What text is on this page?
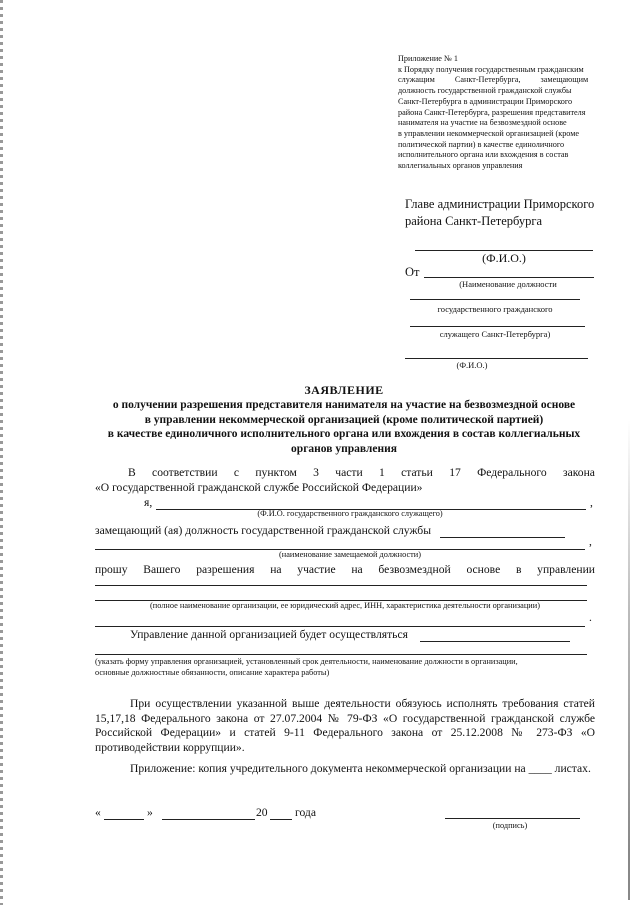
Приложение № 1
к Порядку получения государственным гражданским
служащим Санкт-Петербурга, замещающим
должность государственной гражданской службы
Санкт-Петербурга в администрации Приморского
района Санкт-Петербурга, разрешения представителя
нанимателя на участие на безвозмездной основе
в управлении некоммерческой организацией (кроме
политической партии) в качестве единоличного
исполнительного органа или вхождения в состав
коллегиальных органов управления
Главе администрации Приморского
района Санкт-Петербурга
(Ф.И.О.)
От
(Наименование должности
государственного гражданского
служащего Санкт-Петербурга)
(Ф.И.О.)
ЗАЯВЛЕНИЕ
о получении разрешения представителя нанимателя на участие на безвозмездной основе
в управлении некоммерческой организацией (кроме политической партией)
в качестве единоличного исполнительного органа или вхождения в состав коллегиальных
органов управления
В соответствии с пунктом 3 части 1 статьи 17 Федерального закона
«О государственной гражданской службе Российской Федерации»
я,	,
(Ф.И.О. государственного гражданского служащего)
замещающий (ая) должность государственной гражданской службы
,
(наименование замещаемой должности)
прошу Вашего разрешения на участие на безвозмездной основе в управлении
(полное наименование организации, ее юридический адрес, ИНН, характеристика деятельности организации)
.
Управление данной организацией будет осуществляться
(указать форму управления организацией, установленный срок деятельности, наименование должности в организации,
основные должностные обязанности, описание характера работы)
При осуществлении указанной выше деятельности обязуюсь исполнять требования статей 15,17,18 Федерального закона от 27.07.2004 № 79-ФЗ «О государственной гражданской службе Российской Федерации» и статей 9-11 Федерального закона от 25.12.2008 № 273-ФЗ «О противодействии коррупции».
Приложение: копия учредительного документа некоммерческой организации на ____ листах.
«	»	20 года
(подпись)
